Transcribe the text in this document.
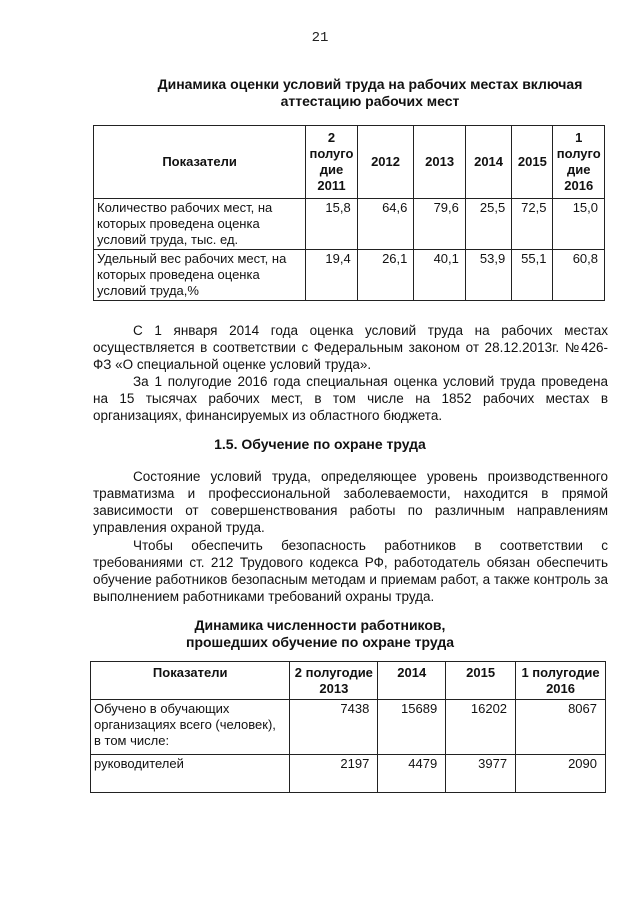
21
Динамика оценки условий труда на рабочих местах включая
аттестацию рабочих мест
Показатели	2 полуго дие 2011	2012	2013	2014	2015	1 полуго дие 2016
Количество рабочих мест, на которых проведена оценка условий труда, тыс. ед.	15,8	64,6	79,6	25,5	72,5	15,0
Удельный вес рабочих мест, на которых проведена оценка условий труда,%	19,4	26,1	40,1	53,9	55,1	60,8
С 1 января 2014 года оценка условий труда на рабочих местах осуществляется в соответствии с Федеральным законом от 28.12.2013г. №426-ФЗ «О специальной оценке условий труда».
За 1 полугодие 2016 года специальная оценка условий труда проведена на 15 тысячах рабочих мест, в том числе на 1852 рабочих местах в организациях, финансируемых из областного бюджета.
1.5. Обучение по охране труда
Состояние условий труда, определяющее уровень производственного травматизма и профессиональной заболеваемости, находится в прямой зависимости от совершенствования работы по различным направлениям управления охраной труда.
Чтобы обеспечить безопасность работников в соответствии с требованиями ст. 212 Трудового кодекса РФ, работодатель обязан обеспечить обучение работников безопасным методам и приемам работ, а также контроль за выполнением работниками требований охраны труда.
Динамика численности работников,
прошедших обучение по охране труда
Показатели	2 полугодие 2013	2014	2015	1 полугодие 2016
Обучено в обучающих организациях всего (человек), в том числе:	7438	15689	16202	8067
руководителей	2197	4479	3977	2090
